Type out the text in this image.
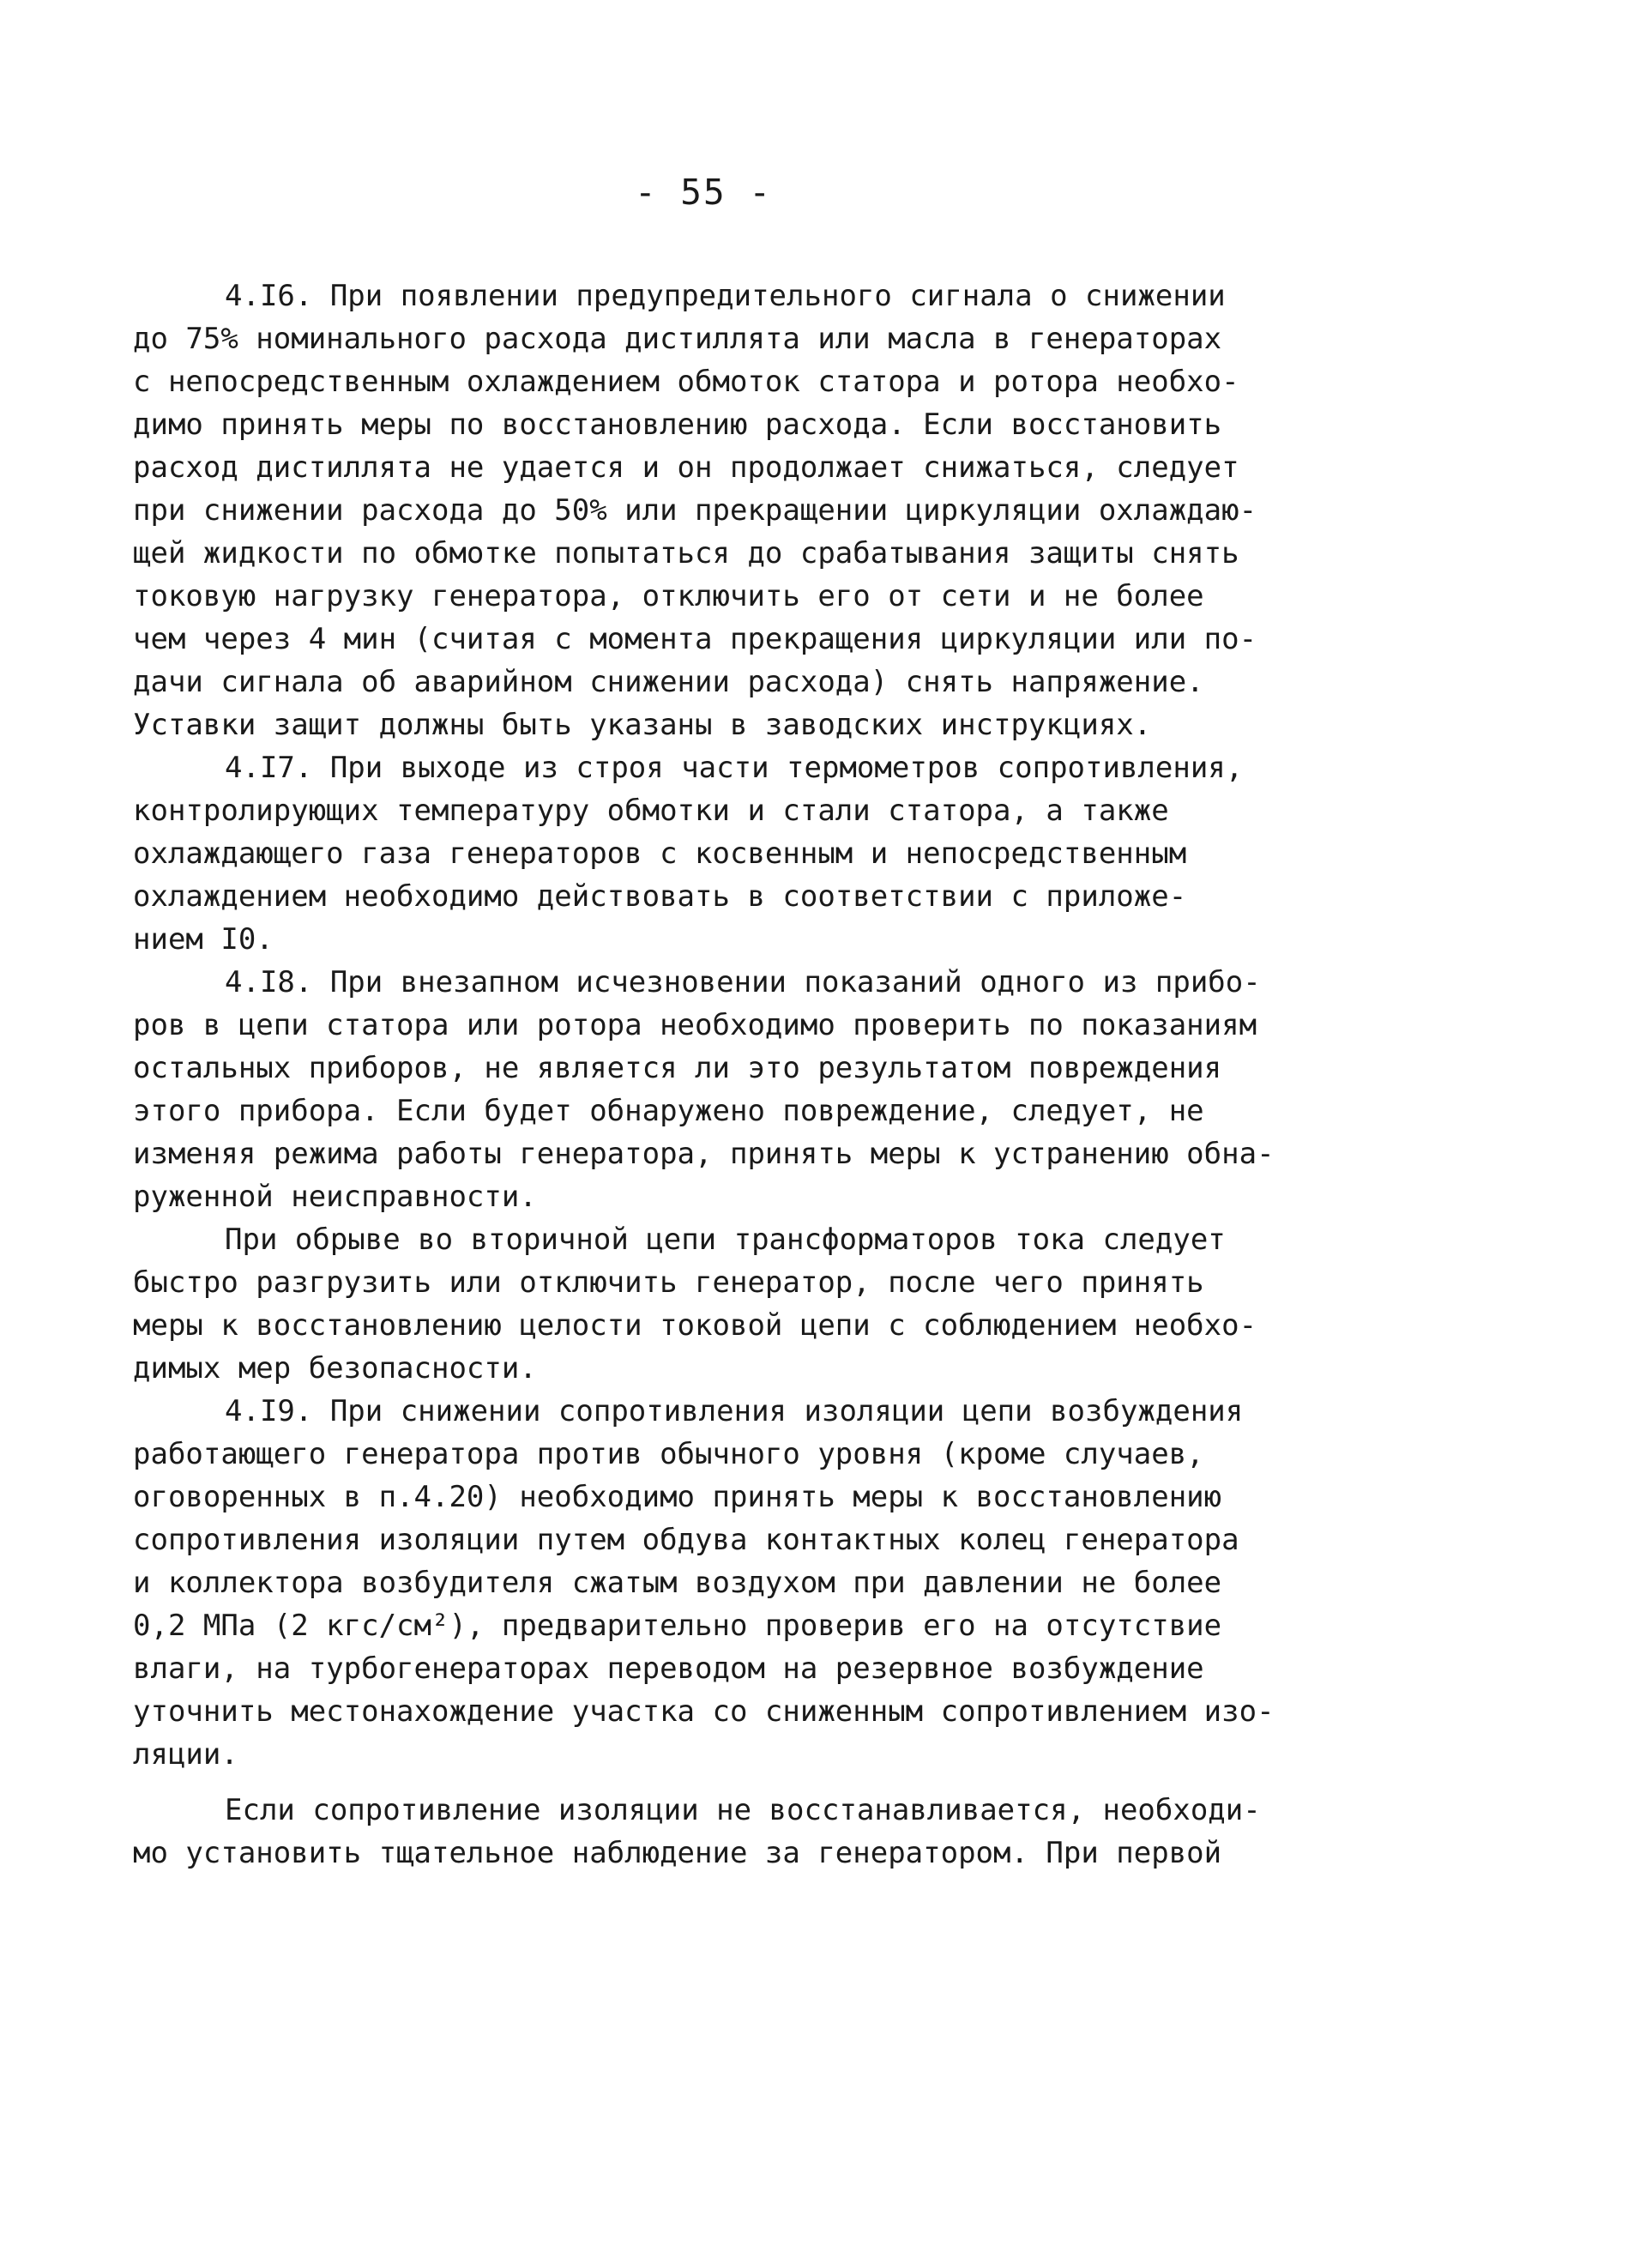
- 55 -
4.I6. При появлении предупредительного сигнала о снижении
до 75% номинального расхода дистиллята или масла в генераторах
с непосредственным охлаждением обмоток статора и ротора необхо-
димо принять меры по восстановлению расхода. Если восстановить
расход дистиллята не удается и он продолжает снижаться, следует
при снижении расхода до 50% или прекращении циркуляции охлаждаю-
щей жидкости по обмотке попытаться до срабатывания защиты снять
токовую нагрузку генератора, отключить его от сети и не более
чем через 4 мин (считая с момента прекращения циркуляции или по-
дачи сигнала об аварийном снижении расхода) снять напряжение.
Уставки защит должны быть указаны в заводских инструкциях.
4.I7. При выходе из строя части термометров сопротивления,
контролирующих температуру обмотки и стали статора, а также
охлаждающего газа генераторов с косвенным и непосредственным
охлаждением необходимо действовать в соответствии с приложе-
нием I0.
4.I8. При внезапном исчезновении показаний одного из прибо-
ров в цепи статора или ротора необходимо проверить по показаниям
остальных приборов, не является ли это результатом повреждения
этого прибора. Если будет обнаружено повреждение, следует, не
изменяя режима работы генератора, принять меры к устранению обна-
руженной неисправности.
При обрыве во вторичной цепи трансформаторов тока следует
быстро разгрузить или отключить генератор, после чего принять
меры к восстановлению целости токовой цепи с соблюдением необхо-
димых мер безопасности.
4.I9. При снижении сопротивления изоляции цепи возбуждения
работающего генератора против обычного уровня (кроме случаев,
оговоренных в п.4.20) необходимо принять меры к восстановлению
сопротивления изоляции путем обдува контактных колец генератора
и коллектора возбудителя сжатым воздухом при давлении не более
0,2 МПа (2 кгс/см²), предварительно проверив его на отсутствие
влаги, на турбогенераторах переводом на резервное возбуждение
уточнить местонахождение участка со сниженным сопротивлением изо-
ляции.
Если сопротивление изоляции не восстанавливается, необходи-
мо установить тщательное наблюдение за генератором. При первой
